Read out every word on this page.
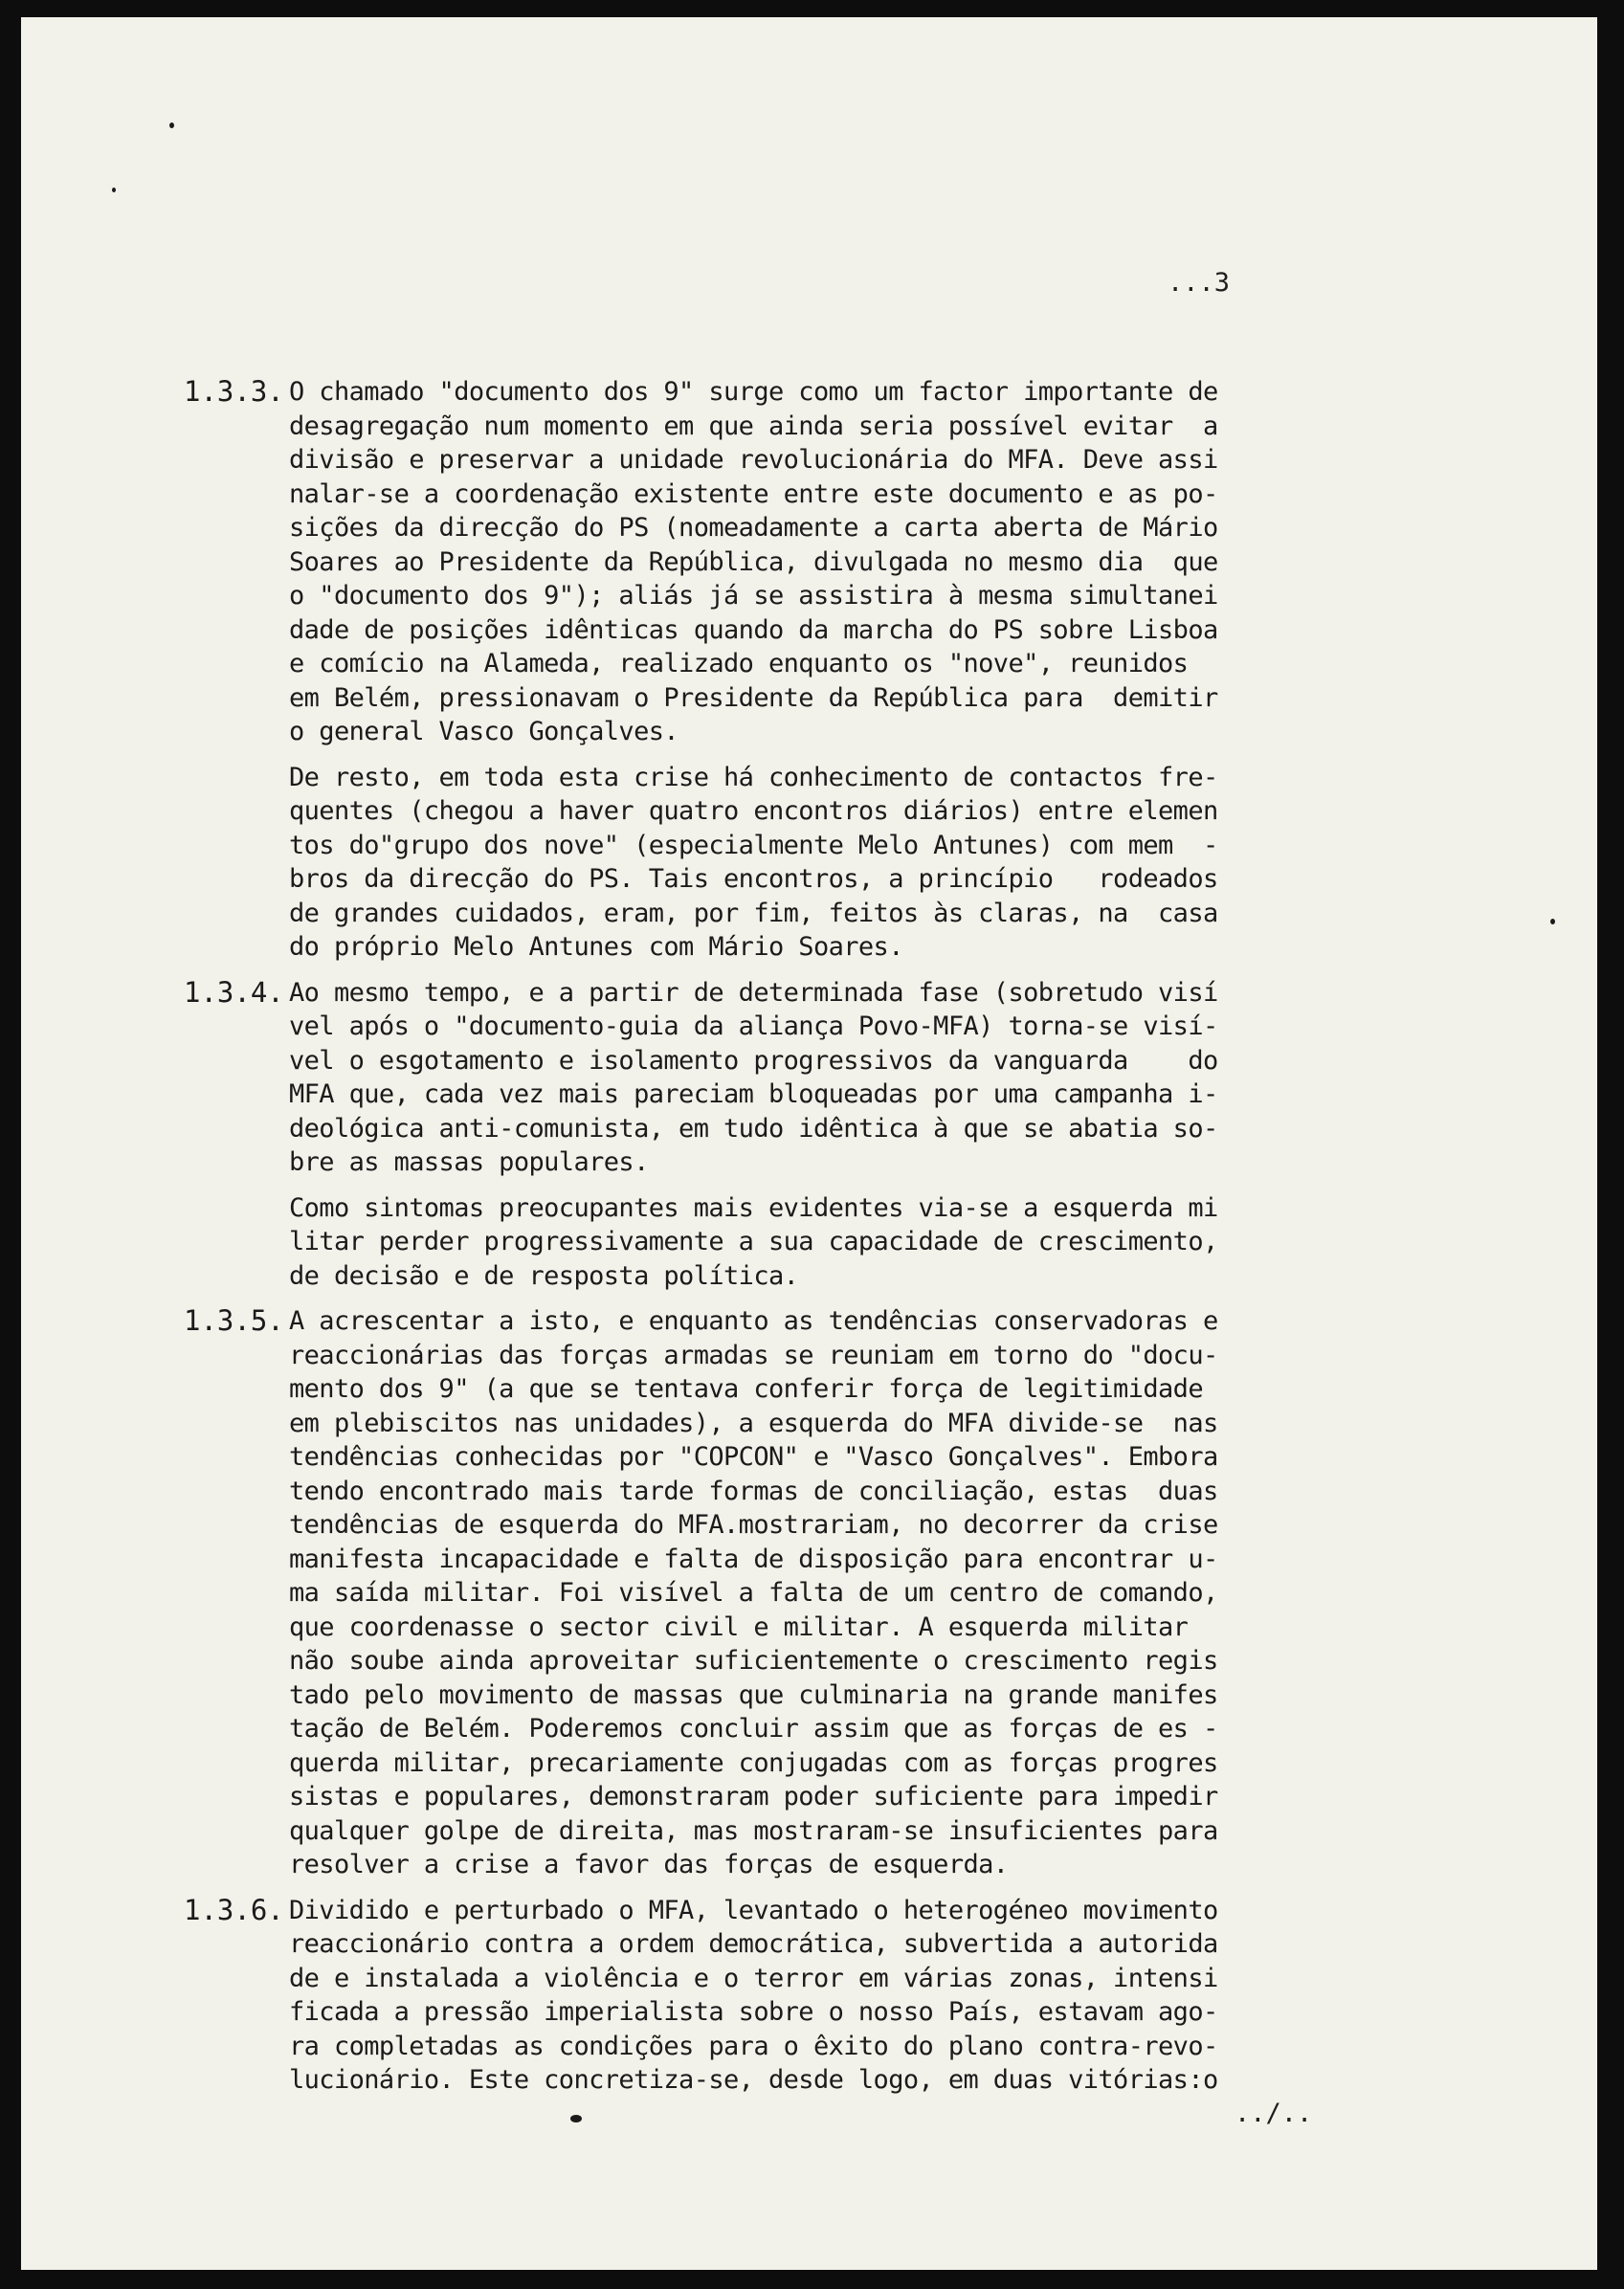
...3
1.3.3. O chamado "documento dos 9" surge como um factor importante de
desagregação num momento em que ainda seria possível evitar  a
divisão e preservar a unidade revolucionária do MFA. Deve assi
nalar-se a coordenação existente entre este documento e as po-
sições da direcção do PS (nomeadamente a carta aberta de Mário
Soares ao Presidente da República, divulgada no mesmo dia  que
o "documento dos 9"); aliás já se assistira à mesma simultanei
dade de posições idênticas quando da marcha do PS sobre Lisboa
e comício na Alameda, realizado enquanto os "nove", reunidos
em Belém, pressionavam o Presidente da República para  demitir
o general Vasco Gonçalves.
De resto, em toda esta crise há conhecimento de contactos fre-
quentes (chegou a haver quatro encontros diários) entre elemen
tos do"grupo dos nove" (especialmente Melo Antunes) com mem  -
bros da direcção do PS. Tais encontros, a princípio   rodeados
de grandes cuidados, eram, por fim, feitos às claras, na  casa
do próprio Melo Antunes com Mário Soares.
1.3.4. Ao mesmo tempo, e a partir de determinada fase (sobretudo visí
vel após o "documento-guia da aliança Povo-MFA) torna-se visí-
vel o esgotamento e isolamento progressivos da vanguarda    do
MFA que, cada vez mais pareciam bloqueadas por uma campanha i-
deológica anti-comunista, em tudo idêntica à que se abatia so-
bre as massas populares.
Como sintomas preocupantes mais evidentes via-se a esquerda mi
litar perder progressivamente a sua capacidade de crescimento,
de decisão e de resposta política.
1.3.5. A acrescentar a isto, e enquanto as tendências conservadoras e
reaccionárias das forças armadas se reuniam em torno do "docu-
mento dos 9" (a que se tentava conferir força de legitimidade
em plebiscitos nas unidades), a esquerda do MFA divide-se  nas
tendências conhecidas por "COPCON" e "Vasco Gonçalves". Embora
tendo encontrado mais tarde formas de conciliação, estas  duas
tendências de esquerda do MFA.mostrariam, no decorrer da crise
manifesta incapacidade e falta de disposição para encontrar u-
ma saída militar. Foi visível a falta de um centro de comando,
que coordenasse o sector civil e militar. A esquerda militar
não soube ainda aproveitar suficientemente o crescimento regis
tado pelo movimento de massas que culminaria na grande manifes
tação de Belém. Poderemos concluir assim que as forças de es -
querda militar, precariamente conjugadas com as forças progres
sistas e populares, demonstraram poder suficiente para impedir
qualquer golpe de direita, mas mostraram-se insuficientes para
resolver a crise a favor das forças de esquerda.
1.3.6. Dividido e perturbado o MFA, levantado o heterogéneo movimento
reaccionário contra a ordem democrática, subvertida a autorida
de e instalada a violência e o terror em várias zonas, intensi
ficada a pressão imperialista sobre o nosso País, estavam ago-
ra completadas as condições para o êxito do plano contra-revo-
lucionário. Este concretiza-se, desde logo, em duas vitórias:o
../..
